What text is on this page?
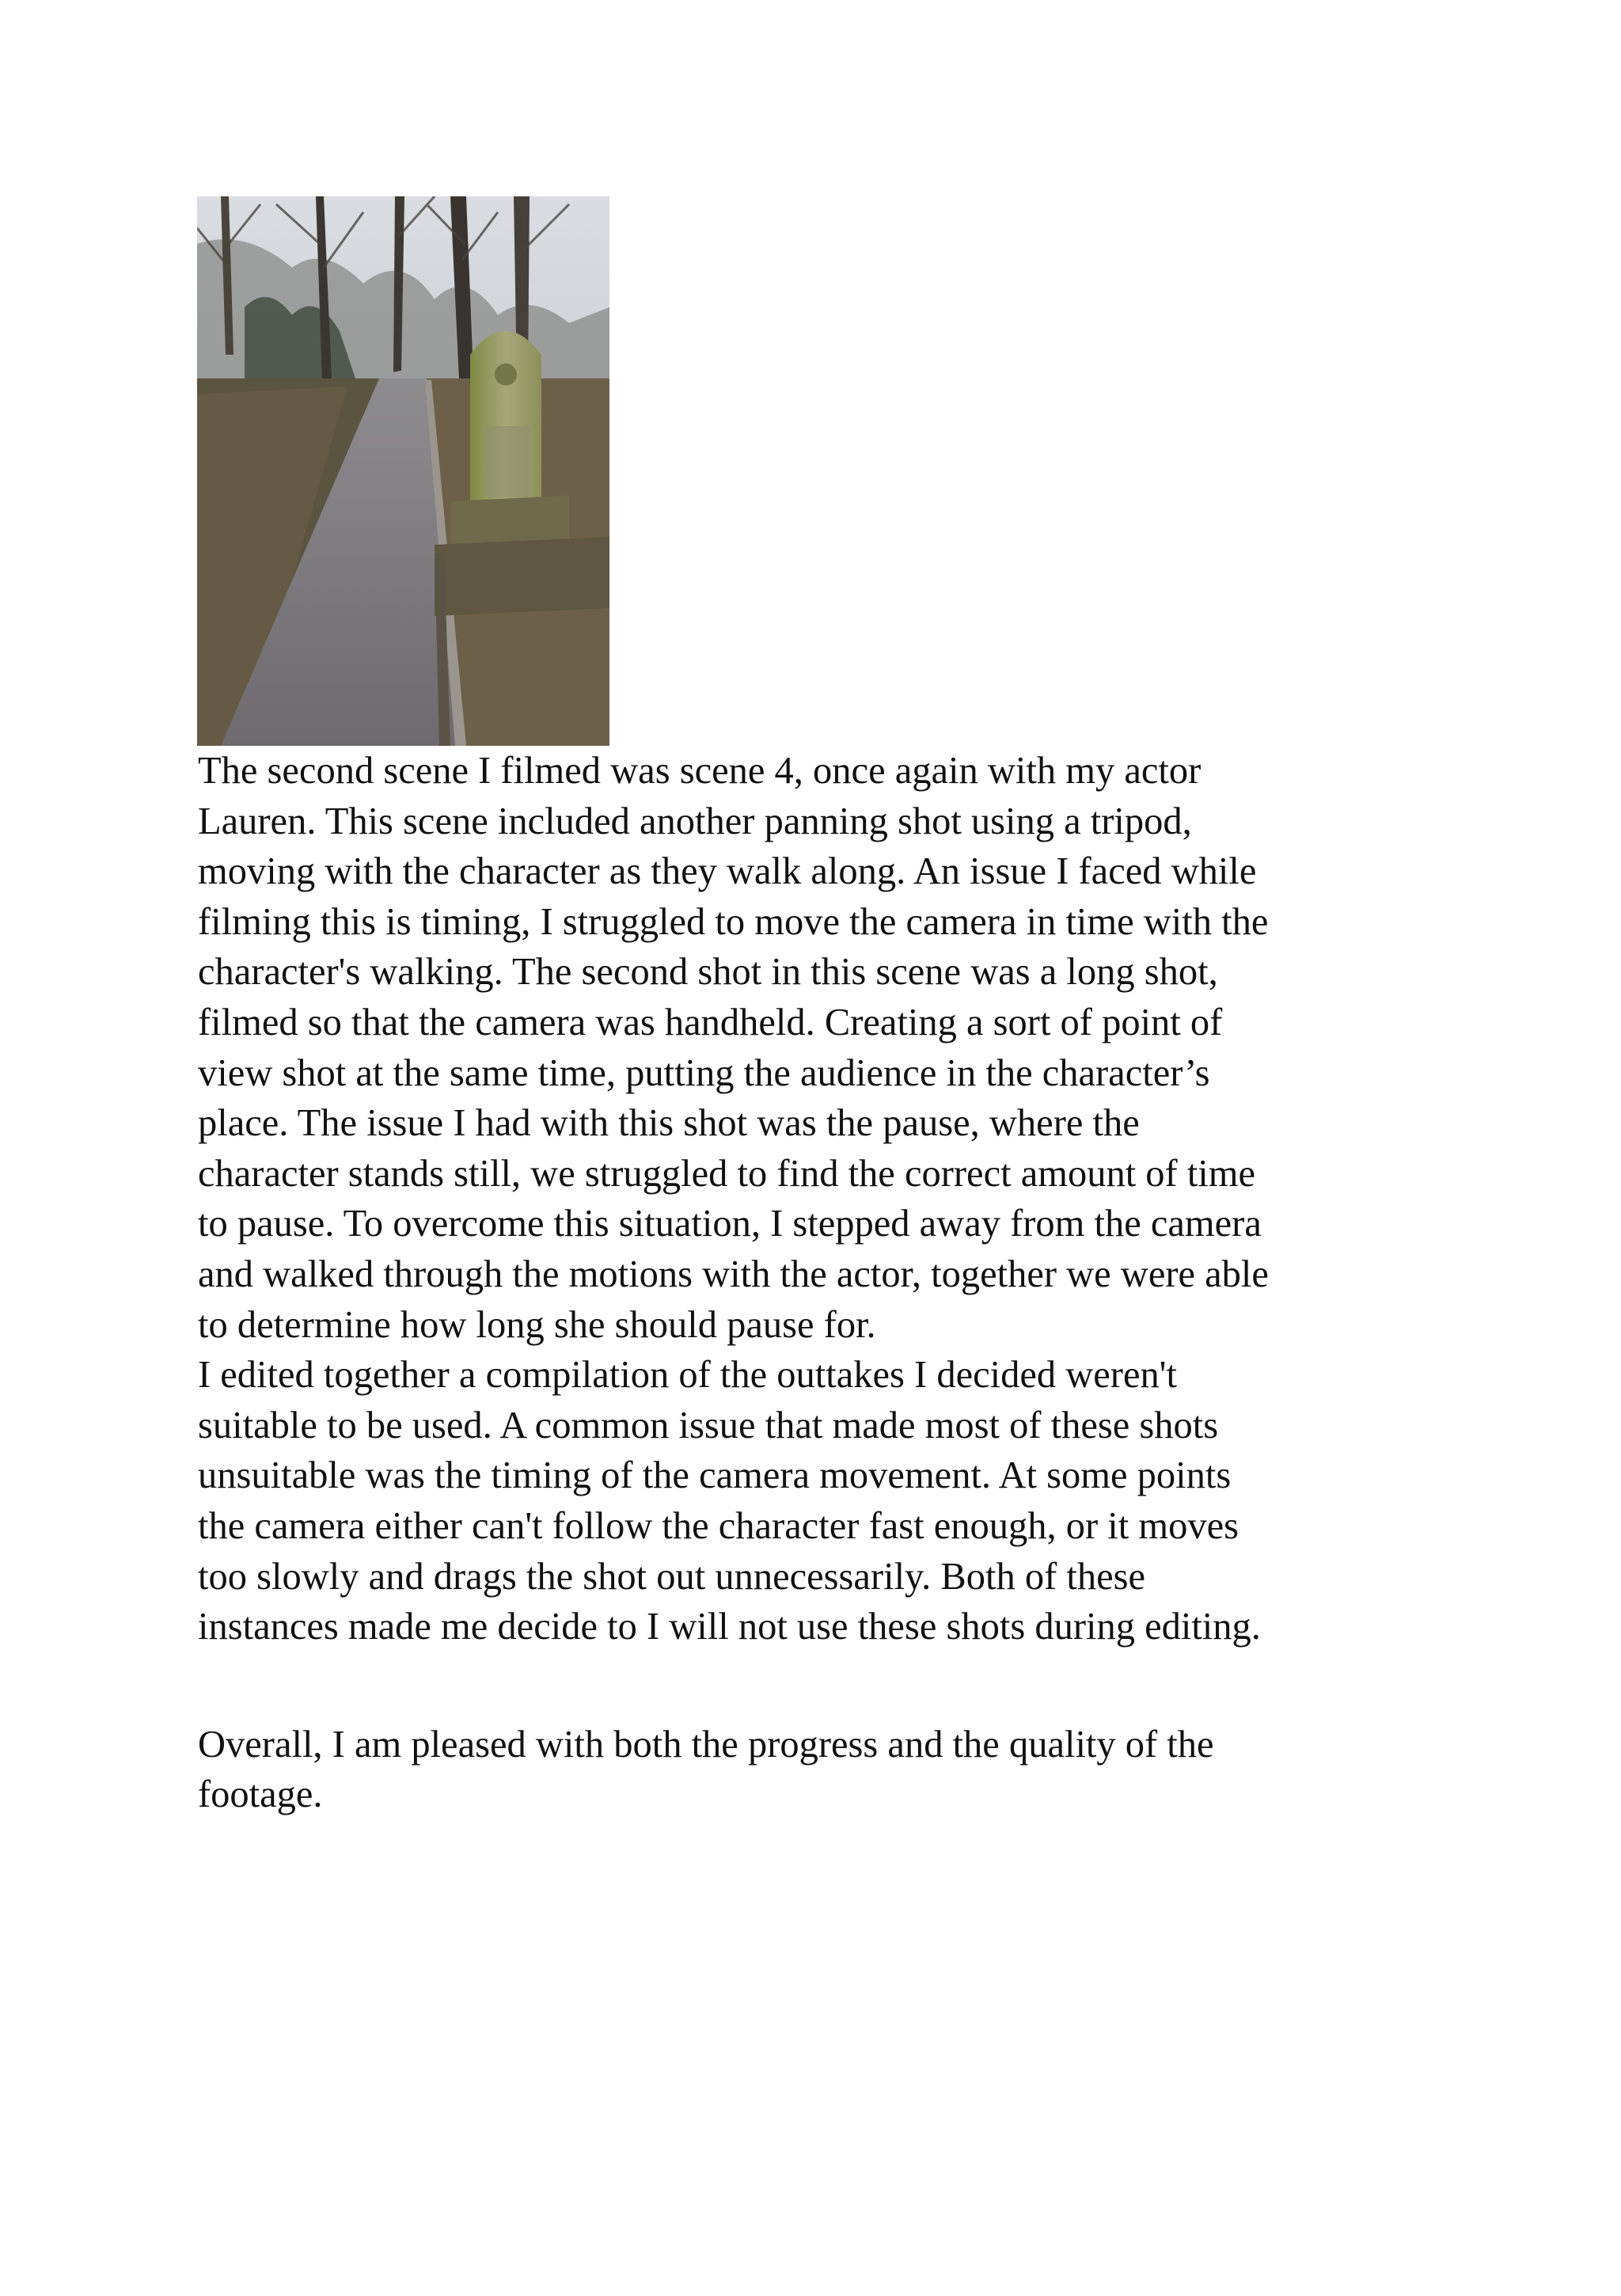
The second scene I filmed was scene 4, once again with my actor
Lauren. This scene included another panning shot using a tripod,
moving with the character as they walk along. An issue I faced while
filming this is timing, I struggled to move the camera in time with the
character's walking. The second shot in this scene was a long shot,
filmed so that the camera was handheld. Creating a sort of point of
view shot at the same time, putting the audience in the character’s
place. The issue I had with this shot was the pause, where the
character stands still, we struggled to find the correct amount of time
to pause. To overcome this situation, I stepped away from the camera
and walked through the motions with the actor, together we were able
to determine how long she should pause for.
I edited together a compilation of the outtakes I decided weren't
suitable to be used. A common issue that made most of these shots
unsuitable was the timing of the camera movement. At some points
the camera either can't follow the character fast enough, or it moves
too slowly and drags the shot out unnecessarily. Both of these
instances made me decide to I will not use these shots during editing.
Overall, I am pleased with both the progress and the quality of the
footage.
